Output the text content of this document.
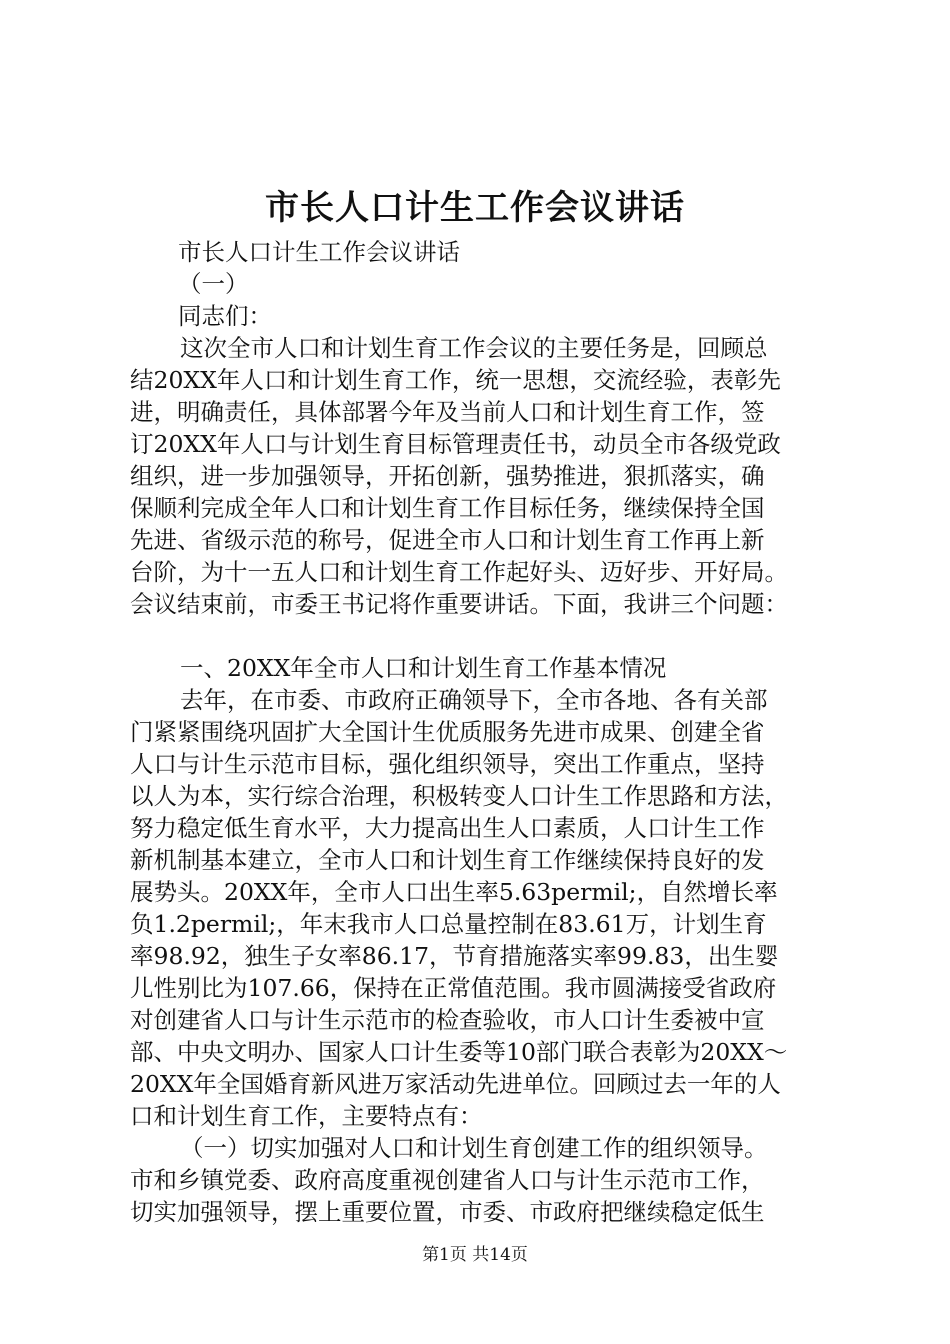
市长人口计生工作会议讲话
市长人口计生工作会议讲话
（一）
同志们：
这次全市人口和计划生育工作会议的主要任务是，回顾总
结20XX年人口和计划生育工作，统一思想，交流经验，表彰先
进，明确责任，具体部署今年及当前人口和计划生育工作，签
订20XX年人口与计划生育目标管理责任书，动员全市各级党政
组织，进一步加强领导，开拓创新，强势推进，狠抓落实，确
保顺利完成全年人口和计划生育工作目标任务，继续保持全国
先进、省级示范的称号，促进全市人口和计划生育工作再上新
台阶，为十一五人口和计划生育工作起好头、迈好步、开好局。
会议结束前，市委王书记将作重要讲话。下面，我讲三个问题：
一、20XX年全市人口和计划生育工作基本情况
去年，在市委、市政府正确领导下，全市各地、各有关部
门紧紧围绕巩固扩大全国计生优质服务先进市成果、创建全省
人口与计生示范市目标，强化组织领导，突出工作重点，坚持
以人为本，实行综合治理，积极转变人口计生工作思路和方法，
努力稳定低生育水平，大力提高出生人口素质，人口计生工作
新机制基本建立，全市人口和计划生育工作继续保持良好的发
展势头。20XX年，全市人口出生率5.63permil;，自然增长率
负1.2permil;，年末我市人口总量控制在83.61万，计划生育
率98.92，独生子女率86.17，节育措施落实率99.83，出生婴
儿性别比为107.66，保持在正常值范围。我市圆满接受省政府
对创建省人口与计生示范市的检查验收，市人口计生委被中宣
部、中央文明办、国家人口计生委等10部门联合表彰为20XX～
20XX年全国婚育新风进万家活动先进单位。回顾过去一年的人
口和计划生育工作，主要特点有：
（一）切实加强对人口和计划生育创建工作的组织领导。
市和乡镇党委、政府高度重视创建省人口与计生示范市工作，
切实加强领导，摆上重要位置，市委、市政府把继续稳定低生
第1页 共14页
